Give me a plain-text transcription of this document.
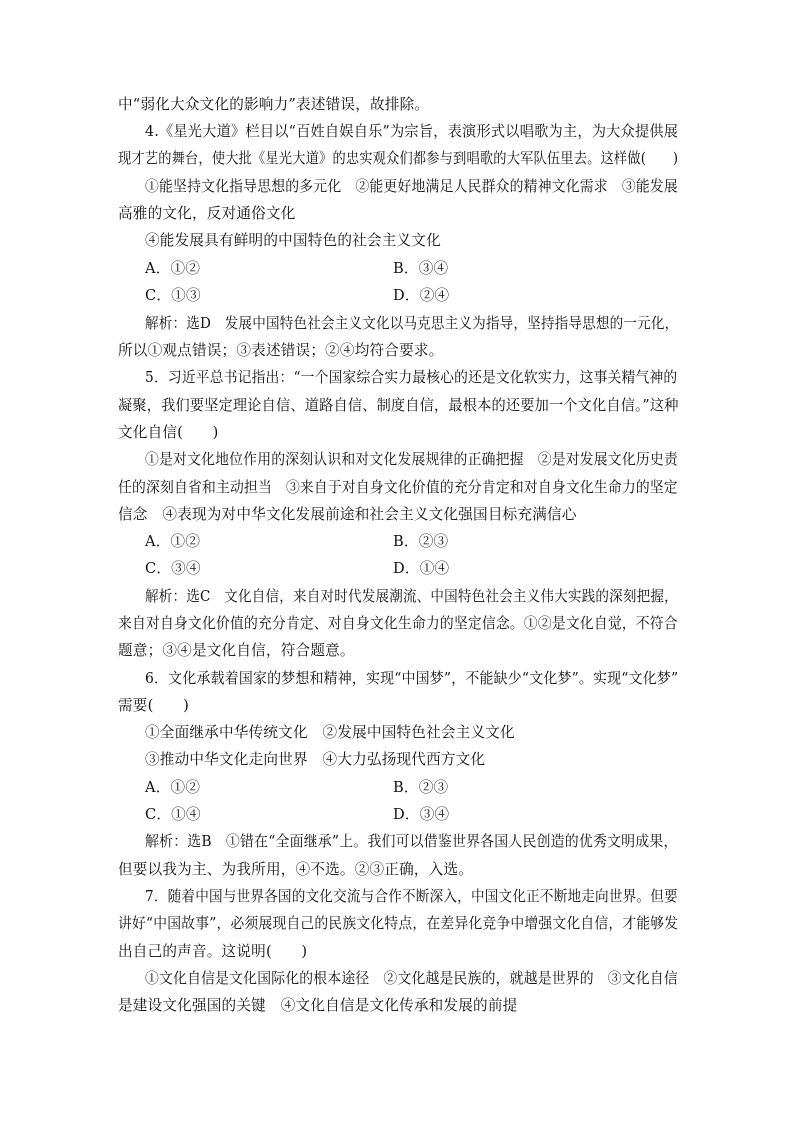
中“弱化大众文化的影响力”表述错误，故排除。
4.《星光大道》栏目以“百姓自娱自乐”为宗旨，表演形式以唱歌为主，为大众提供展
现才艺的舞台，使大批《星光大道》的忠实观众们都参与到唱歌的大军队伍里去。这样做(　　)
①能坚持文化指导思想的多元化　②能更好地满足人民群众的精神文化需求　③能发展
高雅的文化，反对通俗文化
④能发展具有鲜明的中国特色的社会主义文化
A．①②	B．③④
C．①③	D．②④
解析：选D　发展中国特色社会主义文化以马克思主义为指导，坚持指导思想的一元化，
所以①观点错误；③表述错误；②④均符合要求。
5．习近平总书记指出：“一个国家综合实力最核心的还是文化软实力，这事关精气神的
凝聚，我们要坚定理论自信、道路自信、制度自信，最根本的还要加一个文化自信。”这种
文化自信(　　)
①是对文化地位作用的深刻认识和对文化发展规律的正确把握　②是对发展文化历史责
任的深刻自省和主动担当　③来自于对自身文化价值的充分肯定和对自身文化生命力的坚定
信念　④表现为对中华文化发展前途和社会主义文化强国目标充满信心
A．①②	B．②③
C．③④	D．①④
解析：选C　文化自信，来自对时代发展潮流、中国特色社会主义伟大实践的深刻把握，
来自对自身文化价值的充分肯定、对自身文化生命力的坚定信念。①②是文化自觉，不符合
题意；③④是文化自信，符合题意。
6．文化承载着国家的梦想和精神，实现“中国梦”，不能缺少“文化梦”。实现“文化梦”
需要(　　)
①全面继承中华传统文化　②发展中国特色社会主义文化
③推动中华文化走向世界　④大力弘扬现代西方文化
A．①②	B．②③
C．①④	D．③④
解析：选B　①错在“全面继承”上。我们可以借鉴世界各国人民创造的优秀文明成果，
但要以我为主、为我所用，④不选。②③正确，入选。
7．随着中国与世界各国的文化交流与合作不断深入，中国文化正不断地走向世界。但要
讲好“中国故事”，必须展现自己的民族文化特点，在差异化竞争中增强文化自信，才能够发
出自己的声音。这说明(　　)
①文化自信是文化国际化的根本途径　②文化越是民族的，就越是世界的　③文化自信
是建设文化强国的关键　④文化自信是文化传承和发展的前提
